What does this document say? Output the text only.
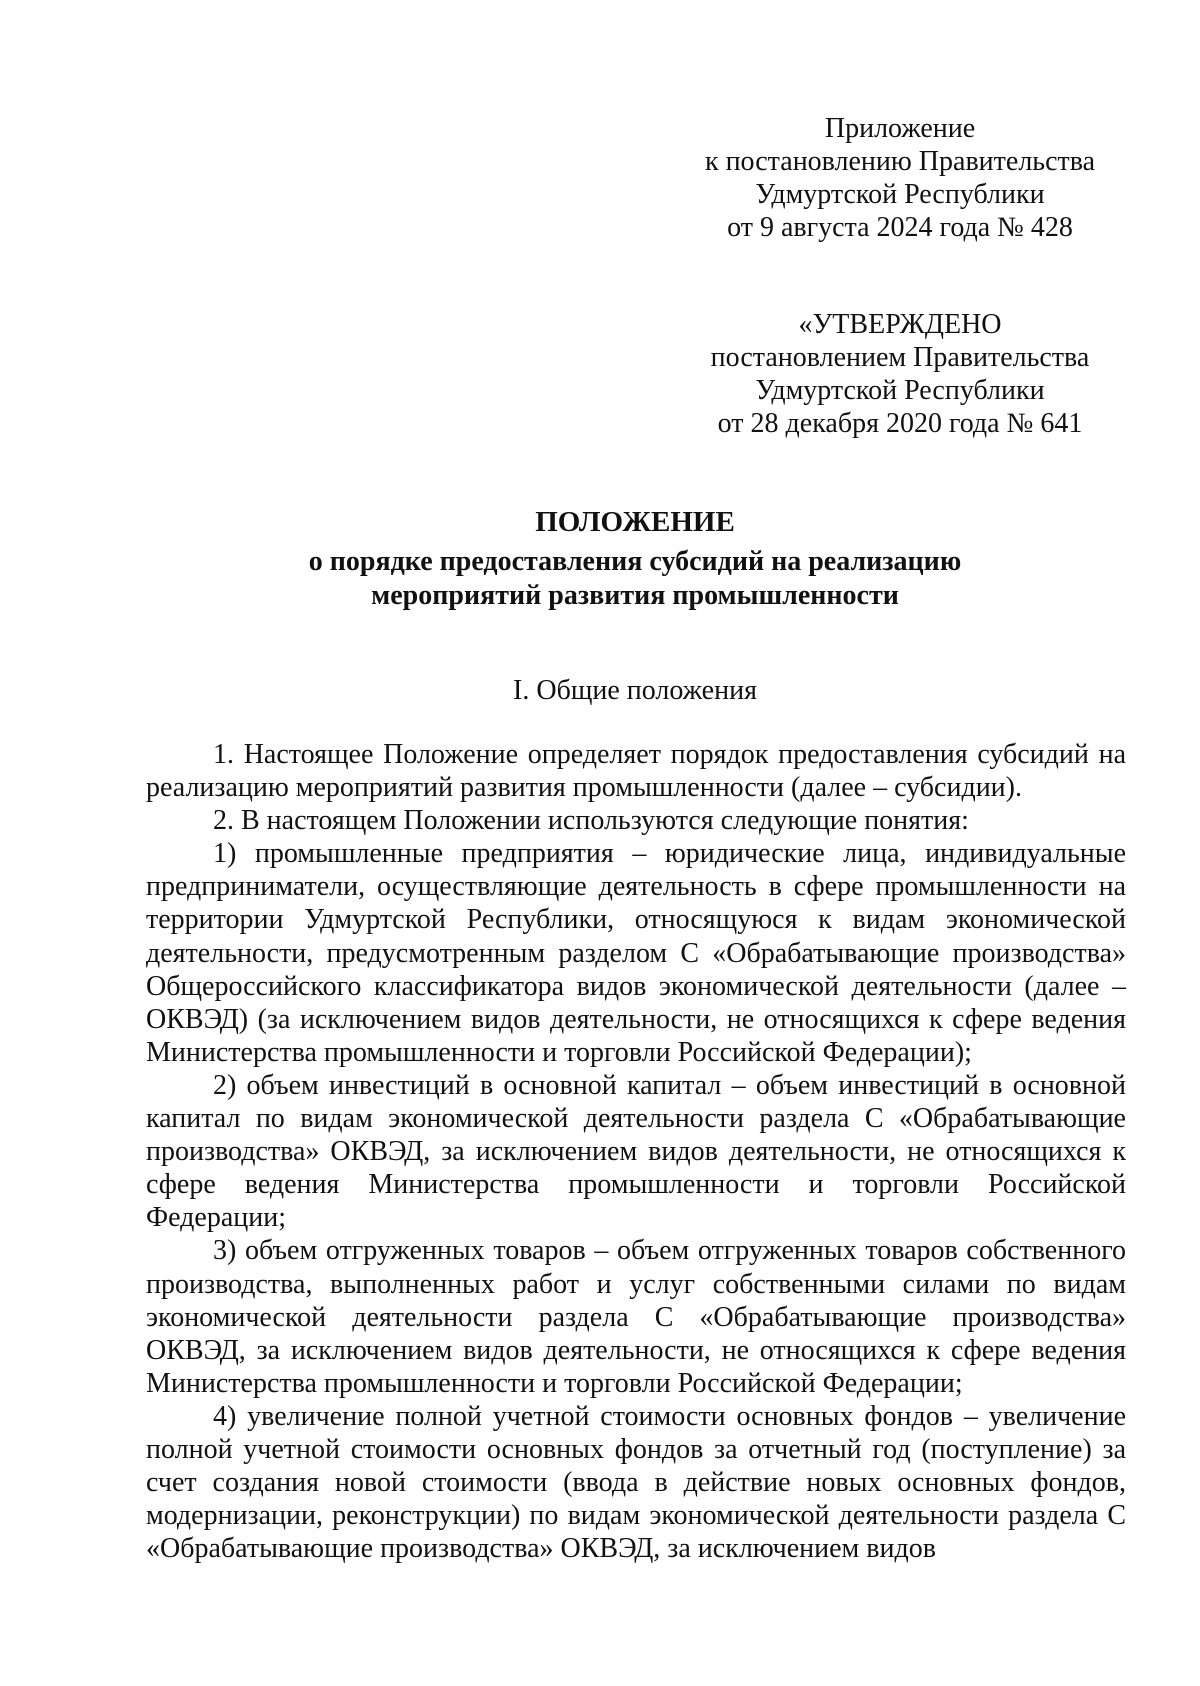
Приложение
к постановлению Правительства
Удмуртской Республики
от 9 августа 2024 года № 428
«УТВЕРЖДЕНО
постановлением Правительства
Удмуртской Республики
от 28 декабря 2020 года № 641
ПОЛОЖЕНИЕ
о порядке предоставления субсидий на реализацию
мероприятий развития промышленности
I. Общие положения

1. Настоящее Положение определяет порядок предоставления субсидий на реализацию мероприятий развития промышленности (далее – субсидии).

2. В настоящем Положении используются следующие понятия:

1) промышленные предприятия – юридические лица, индивидуальные предприниматели, осуществляющие деятельность в сфере промышленности на территории Удмуртской Республики, относящуюся к видам экономической деятельности, предусмотренным разделом С «Обрабатывающие производства» Общероссийского классификатора видов экономической деятельности (далее – ОКВЭД) (за исключением видов деятельности, не относящихся к сфере ведения Министерства промышленности и торговли Российской Федерации);

2) объем инвестиций в основной капитал – объем инвестиций в основной капитал по видам экономической деятельности раздела С «Обрабатывающие производства» ОКВЭД, за исключением видов деятельности, не относящихся к сфере ведения Министерства промышленности и торговли Российской Федерации;

3) объем отгруженных товаров – объем отгруженных товаров собственного производства, выполненных работ и услуг собственными силами по видам экономической деятельности раздела С «Обрабатывающие производства» ОКВЭД, за исключением видов деятельности, не относящихся к сфере ведения Министерства промышленности и торговли Российской Федерации;

4) увеличение полной учетной стоимости основных фондов – увеличение полной учетной стоимости основных фондов за отчетный год (поступление) за счет создания новой стоимости (ввода в действие новых основных фондов, модернизации, реконструкции) по видам экономической деятельности раздела С «Обрабатывающие производства» ОКВЭД, за исключением видов
